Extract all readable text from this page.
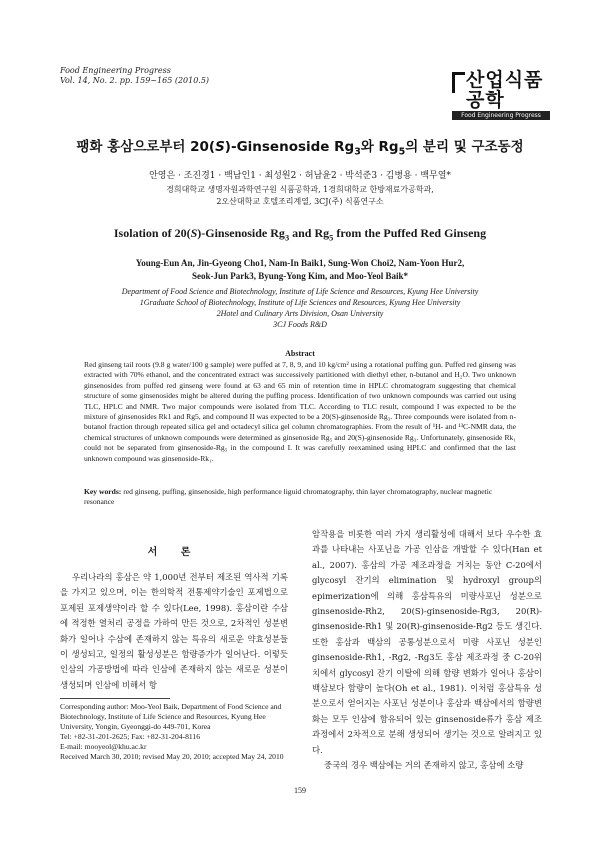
Food Engineering Progress
Vol. 14, No. 2. pp. 159~165 (2010.5)	산업식품공학
Food Engineering Progress
팽화 홍삼으로부터 20(S)-Ginsenoside $Rg_3$와 $Rg_5$의 분리 및 구조동정
안영은 · 조진경1 · 백남인1 · 최성원2 · 허남윤2 · 박석준3 · 김병용 · 백무열*
경희대학교 생명자원과학연구원 식품공학과, 1경희대학교 한방재료가공학과,
2오산대학교 호텔조리계열, 3CJ(주) 식품연구소
Isolation of 20(S)-Ginsenoside $Rg_3$ and $Rg_5$ from the Puffed Red Ginseng
Young-Eun An, Jin-Gyeong Cho1, Nam-In Baik1, Sung-Won Choi2, Nam-Yoon Hur2,
Seok-Jun Park3, Byung-Yong Kim, and Moo-Yeol Baik*
Department of Food Science and Biotechnology, Institute of Life Science and Resources, Kyung Hee University
1Graduate School of Biotechnology, Institute of Life Sciences and Resources, Kyung Hee University
2Hotel and Culinary Arts Division, Osan University
3CJ Foods R&D
Abstract
Red ginseng tail roots (9.8 g water/100 g sample) were puffed at 7, 8, 9, and 10 kg/cm² using a rotational puffing gun. Puffed red ginseng was extracted with 70% ethanol, and the concentrated extract was successively partitioned with diethyl ether, n-butanol and H₂O. Two unknown ginsenosides from puffed red ginseng were found at 63 and 65 min of retention time in HPLC chromatogram suggesting that chemical structure of some ginsenosides might be altered during the puffing process. Identification of two unknown compounds was carried out using TLC, HPLC and NMR. Two major compounds were isolated from TLC. According to TLC result, compound I was expected to be the mixture of ginsenosides Rk1 and Rg5, and compound II was expected to be a 20(S)-ginsenoside Rg₃. Three compounds were isolated from n-butanol fraction through repeated silica gel and octadecyl silica gel column chromatographies. From the result of ¹H- and ¹³C-NMR data, the chemical structures of unknown compounds were determined as ginsenoside Rg₅ and 20(S)-ginsenoside Rg₃. Unfortunately, ginsenoside Rk₁ could not be separated from ginsenoside-Rg₅ in the compound I. It was carefully reexamined using HPLC and confirmed that the last unknown compound was ginsenoside-Rk₁.
Key words: red ginseng, puffing, ginsenoside, high performance liguid chromatography, thin layer chromatography, nuclear magnetic resonance
서 론

우리나라의 홍삼은 약 1,000년 전부터 제조된 역사적 기록을 가지고 있으며, 이는 한의학적 전통제약기술인 포제법으로 포제된 포제생약이라 할 수 있다(Lee, 1998). 홍삼이란 수삼에 적정한 열처리 공정을 가하여 만든 것으로, 2차적인 성분변화가 일어나 수삼에 존재하지 않는 특유의 새로운 약효성분들이 생성되고, 일정의 활성성분은 함량증가가 일어난다. 이렇듯 인삼의 가공방법에 따라 인삼에 존재하지 않는 새로운 성분이 생성되며 인삼에 비해서 항

암작용을 비롯한 여러 가지 생리활성에 대해서 보다 우수한 효과를 나타내는 사포닌을 가공 인삼을 개발할 수 있다(Han et al., 2007). 홍삼의 가공 제조과정을 거치는 동안 C-20에서 glycosyl 잔기의 elimination 및 hydroxyl group의 epimerization에 의해 홍삼특유의 미량사포닌 성분으로 ginsenoside-Rh2, 20(S)-ginsenoside-Rg3, 20(R)-ginsenoside-Rh1 및 20(R)-ginsenoside-Rg2 등도 생긴다. 또한 홍삼과 백삼의 공통성분으로서 미량 사포닌 성분인 ginsenoside-Rh1, -Rg2, -Rg3도 홍삼 제조과정 중 C-20위치에서 glycosyl 잔기 이탈에 의해 함량 변화가 일어나 홍삼이 백삼보다 함량이 높다(Oh et al., 1981). 이처럼 홍삼특유 성분으로서 얻어지는 사포닌 성분이나 홍삼과 백삼에서의 함량변화는 모두 인삼에 함유되어 있는 ginsenoside류가 홍삼 제조과정에서 2차적으로 분해 생성되어 생기는 것으로 알려지고 있다.

중국의 경우 백삼에는 거의 존재하지 않고, 홍삼에 소량

Corresponding author: Moo-Yeol Baik, Department of Food Science and Biotechnology, Institute of Life Science and Resources, Kyung Hee University, Yongin, Gyeonggi-do 449-701, Korea
Tel: +82-31-201-2625; Fax: +82-31-204-8116
E-mail: mooyeol@khu.ac.kr
Received March 30, 2010; revised May 20, 2010; accepted May 24, 2010
159
